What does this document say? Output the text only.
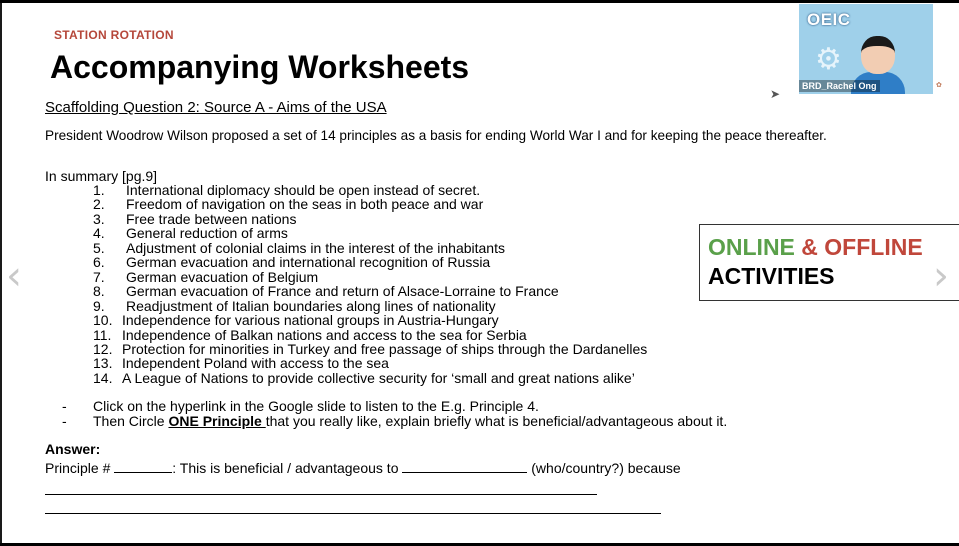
STATION ROTATION
Accompanying Worksheets
Scaffolding Question 2: Source A - Aims of the USA
President Woodrow Wilson proposed a set of 14 principles as a basis for ending World War I and for keeping the peace thereafter.
In summary [pg.9]
1.	International diplomacy should be open instead of secret.
2.	Freedom of navigation on the seas in both peace and war
3.	Free trade between nations
4.	General reduction of arms
5.	Adjustment of colonial claims in the interest of the inhabitants
6.	German evacuation and international recognition of Russia
7.	German evacuation of Belgium
8.	German evacuation of France and return of Alsace-Lorraine to France
9.	Readjustment of Italian boundaries along lines of nationality
10. Independence for various national groups in Austria-Hungary
11. Independence of Balkan nations and access to the sea for Serbia
12. Protection for minorities in Turkey and free passage of ships through the Dardanelles
13. Independent Poland with access to the sea
14. A League of Nations to provide collective security for ‘small and great nations alike’
-	Click on the hyperlink in the Google slide to listen to the E.g. Principle 4.
-	Then Circle ONE Principle that you really like, explain briefly what is beneficial/advantageous about it.
Answer:
Principle #	: This is beneficial / advantageous to	(who/country?) because
ONLINE & OFFLINE
ACTIVITIES
‹	›
➤
✿
OEIC
⚙
BRD_Rachel Ong
